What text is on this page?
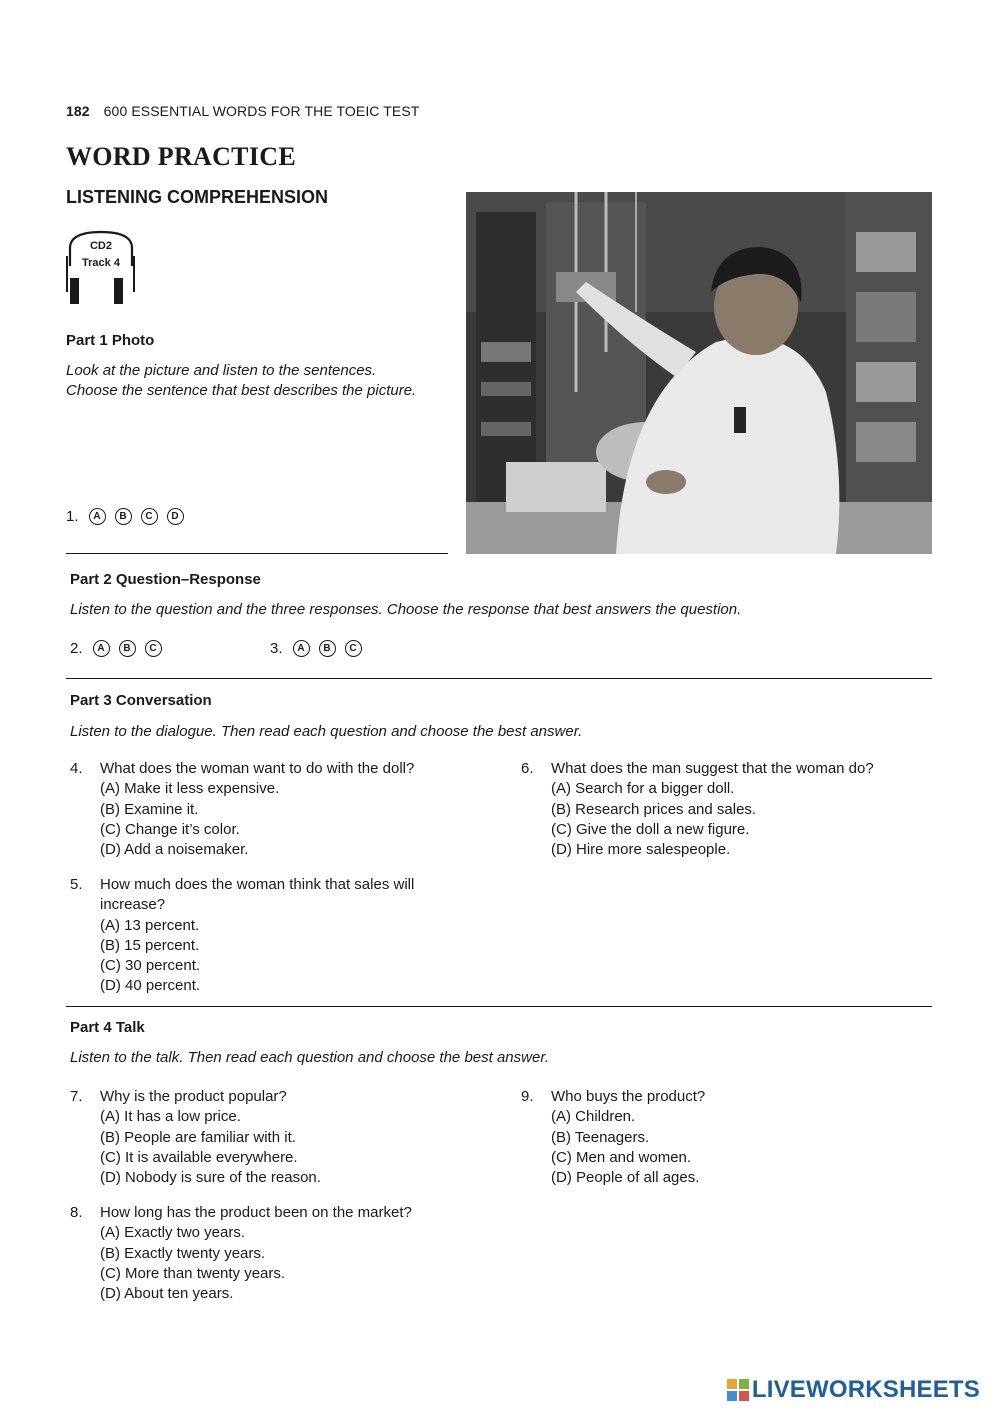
182 600 ESSENTIAL WORDS FOR THE TOEIC TEST
WORD PRACTICE
LISTENING COMPREHENSION
CD2
Track 4
Part 1 Photo
Look at the picture and listen to the sentences. Choose the sentence that best describes the picture.
1.	A	B	C	D
Part 2 Question–Response
Listen to the question and the three responses. Choose the response that best answers the question.
2.	A	B	C	3.	A	B	C
Part 3 Conversation
Listen to the dialogue. Then read each question and choose the best answer.
4.	What does the woman want to do with the doll?
(A) Make it less expensive.
(B) Examine it.
(C) Change it’s color.
(D) Add a noisemaker.
5.	How much does the woman think that sales will increase?
(A) 13 percent.
(B) 15 percent.
(C) 30 percent.
(D) 40 percent.
6.	What does the man suggest that the woman do?
(A) Search for a bigger doll.
(B) Research prices and sales.
(C) Give the doll a new figure.
(D) Hire more salespeople.
Part 4 Talk
Listen to the talk. Then read each question and choose the best answer.
7.	Why is the product popular?
(A) It has a low price.
(B) People are familiar with it.
(C) It is available everywhere.
(D) Nobody is sure of the reason.
8.	How long has the product been on the market?
(A) Exactly two years.
(B) Exactly twenty years.
(C) More than twenty years.
(D) About ten years.
9.	Who buys the product?
(A) Children.
(B) Teenagers.
(C) Men and women.
(D) People of all ages.
LIVEWORKSHEETS
